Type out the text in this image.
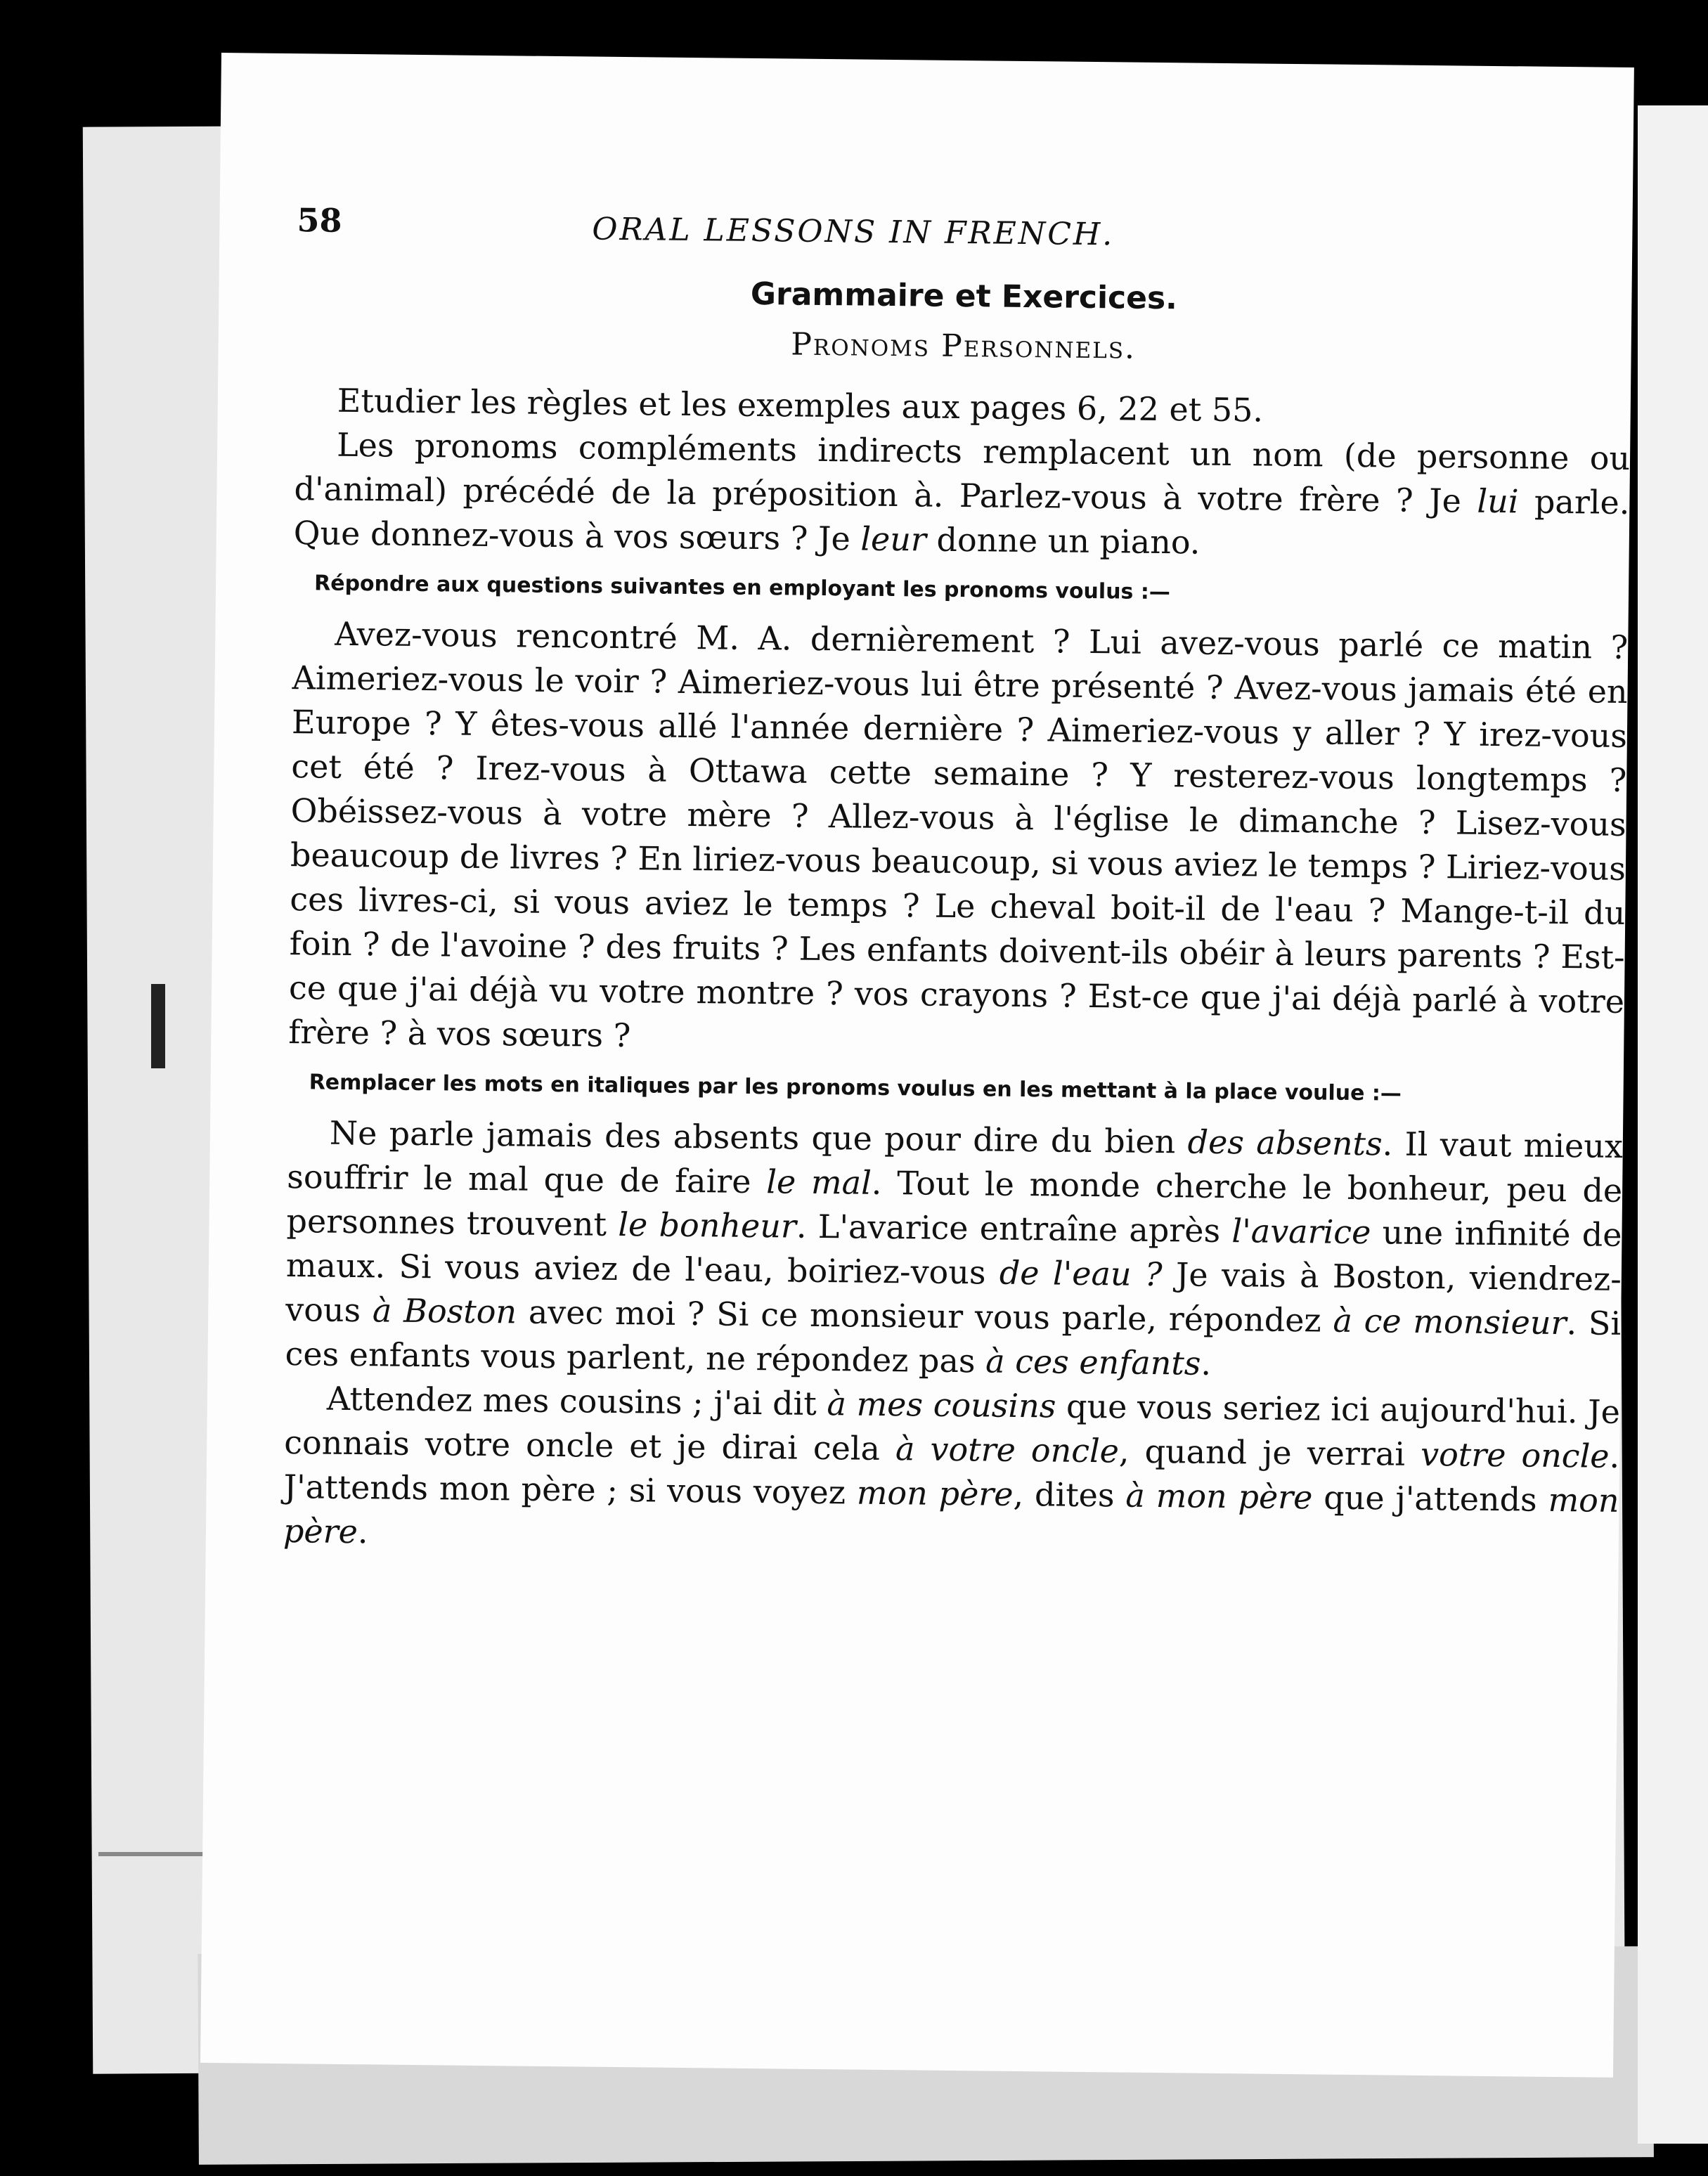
58	ORAL LESSONS IN FRENCH.
Grammaire et Exercices.
Pronoms Personnels.

Etudier les règles et les exemples aux pages 6, 22 et 55.

Les pronoms compléments indirects remplacent un nom (de personne ou d'animal) précédé de la préposition à. Parlez-vous à votre frère ? Je lui parle. Que donnez-vous à vos sœurs ? Je leur donne un piano.

Répondre aux questions suivantes en employant les pronoms voulus :—

Avez-vous rencontré M. A. dernièrement ? Lui avez-vous parlé ce matin ? Aimeriez-vous le voir ? Aimeriez-vous lui être présenté ? Avez-vous jamais été en Europe ? Y êtes-vous allé l'année dernière ? Aimeriez-vous y aller ? Y irez-vous cet été ? Irez-vous à Ottawa cette semaine ? Y resterez-vous longtemps ? Obéissez-vous à votre mère ? Allez-vous à l'église le dimanche ? Lisez-vous beaucoup de livres ? En liriez-vous beaucoup, si vous aviez le temps ? Liriez-vous ces livres-ci, si vous aviez le temps ? Le cheval boit-il de l'eau ? Mange-t-il du foin ? de l'avoine ? des fruits ? Les enfants doivent-ils obéir à leurs parents ? Est-ce que j'ai déjà vu votre montre ? vos crayons ? Est-ce que j'ai déjà parlé à votre frère ? à vos sœurs ?

Remplacer les mots en italiques par les pronoms voulus en les mettant à la place voulue :—

Ne parle jamais des absents que pour dire du bien des absents. Il vaut mieux souffrir le mal que de faire le mal. Tout le monde cherche le bonheur, peu de personnes trouvent le bonheur. L'avarice entraîne après l'avarice une infinité de maux. Si vous aviez de l'eau, boiriez-vous de l'eau ? Je vais à Boston, viendrez-vous à Boston avec moi ? Si ce monsieur vous parle, répondez à ce monsieur. Si ces enfants vous parlent, ne répondez pas à ces enfants.

Attendez mes cousins ; j'ai dit à mes cousins que vous seriez ici aujourd'hui. Je connais votre oncle et je dirai cela à votre oncle, quand je verrai votre oncle. J'attends mon père ; si vous voyez mon père, dites à mon père que j'attends mon père.
